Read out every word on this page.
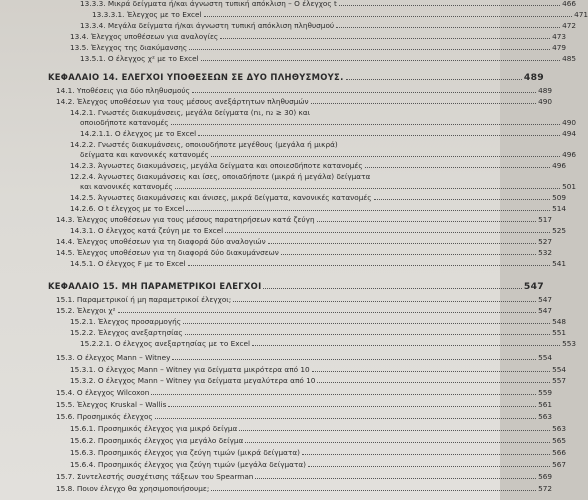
13.3.3. Μικρά δείγματα ή/και άγνωστη τυπική απόκλιση – Ο έλεγχος t	466
13.3.3.1. Έλεγχος με το Excel	471
13.3.4. Μεγάλα δείγματα ή/και άγνωστη τυπική απόκλιση πληθυσμού	472
13.4. Έλεγχος υποθέσεων για αναλογίες	473
13.5. Έλεγχος της διακύμανσης	479
13.5.1. Ο έλεγχος χ² με το Excel	485
ΚΕΦΑΛΑΙΟ 14. ΕΛΕΓΧΟΙ ΥΠΟΘΕΣΕΩΝ ΣΕ ΔΥΟ ΠΛΗΘΥΣΜΟΥΣ.	489
14.1. Υποθέσεις για δύο πληθυσμούς	489
14.2. Έλεγχος υποθέσεων για τους μέσους ανεξάρτητων πληθυσμών	490
14.2.1. Γνωστές διακυμάνσεις, μεγάλα δείγματα (n₁, n₂ ≥ 30) και
οποιοδήποτε κατανομές	490
14.2.1.1. Ο έλεγχος με το Excel	494
14.2.2. Γνωστές διακυμάνσεις, οποιουδήποτε μεγέθους (μεγάλα ή μικρά)
δείγματα και κανονικές κατανομές	496
14.2.3. Άγνωστες διακυμάνσεις, μεγάλα δείγματα και οποιεσδήποτε κατανομές	496
12.2.4. Άγνωστες διακυμάνσεις και ίσες, οποιαδήποτε (μικρά ή μεγάλα) δείγματα
και κανονικές κατανομές	501
14.2.5. Άγνωστες διακυμάνσεις και άνισες, μικρά δείγματα, κανονικές κατανομές	509
14.2.6. Ο t έλεγχος με το Excel	514
14.3. Έλεγχος υποθέσεων για τους μέσους παρατηρήσεων κατά ζεύγη	517
14.3.1. Ο έλεγχος κατά ζεύγη με το Excel	525
14.4. Έλεγχος υποθέσεων για τη διαφορά δύο αναλογιών	527
14.5. Έλεγχος υποθέσεων για τη διαφορά δύο διακυμάνσεων	532
14.5.1. Ο έλεγχος F με το Excel	541
ΚΕΦΑΛΑΙΟ 15. ΜΗ ΠΑΡΑΜΕΤΡΙΚΟΙ ΕΛΕΓΧΟΙ	547
15.1. Παραμετρικοί ή μη παραμετρικοί έλεγχοι;	547
15.2. Έλεγχοι χ²	547
15.2.1. Έλεγχος προσαρμογής	548
15.2.2. Έλεγχος ανεξαρτησίας	551
15.2.2.1. Ο έλεγχος ανεξαρτησίας με το Excel	553
15.3. Ο έλεγχος Mann – Witney	554
15.3.1. Ο έλεγχος Mann – Witney για δείγματα μικρότερα από 10	554
15.3.2. Ο έλεγχος Mann – Witney για δείγματα μεγαλύτερα από 10	557
15.4. Ο έλεγχος Wilcoxon	559
15.5. Έλεγχος Kruskal – Wallis	561
15.6. Προσημικός έλεγχος	563
15.6.1. Προσημικός έλεγχος για μικρό δείγμα	563
15.6.2. Προσημικός έλεγχος για μεγάλο δείγμα	565
15.6.3. Προσημικός έλεγχος για ζεύγη τιμών (μικρά δείγματα)	566
15.6.4. Προσημικός έλεγχος για ζεύγη τιμών (μεγάλα δείγματα)	567
15.7. Συντελεστής συσχέτισης τάξεων του Spearman	569
15.8. Ποιον έλεγχο θα χρησιμοποιήσουμε;	572
